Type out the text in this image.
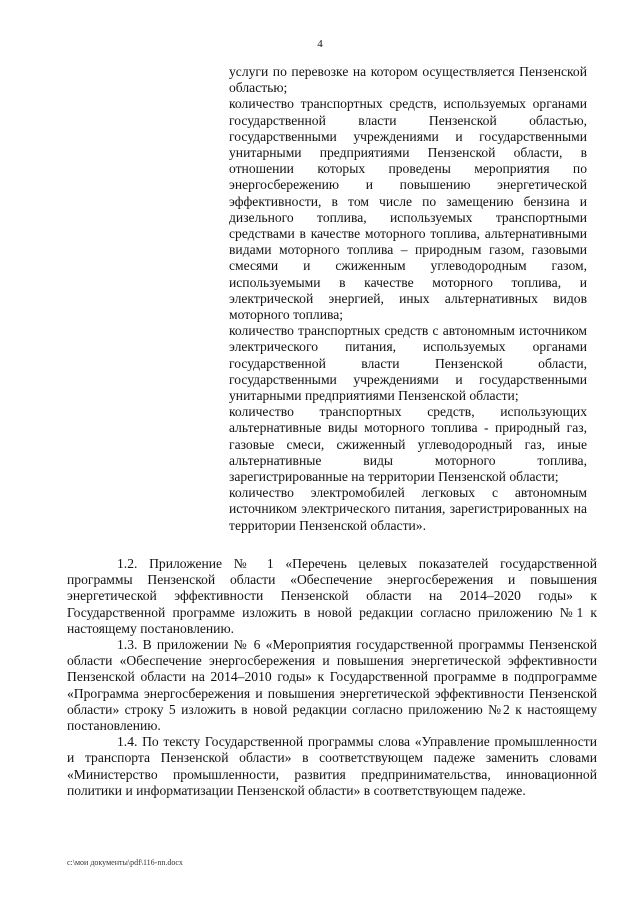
4

услуги по перевозке на котором осуществляется Пензенской областью;

количество транспортных средств, используемых органами государственной власти Пензенской областью, государственными учреждениями и государственными унитарными предприятиями Пензенской области, в отношении которых проведены мероприятия по энергосбережению и повышению энергетической эффективности, в том числе по замещению бензина и дизельного топлива, используемых транспортными средствами в качестве моторного топлива, альтернативными видами моторного топлива – природным газом, газовыми смесями и сжиженным углеводородным газом, используемыми в качестве моторного топлива, и электрической энергией, иных альтернативных видов моторного топлива;

количество транспортных средств с автономным источником электрического питания, используемых органами государственной власти Пензенской области, государственными учреждениями и государственными унитарными предприятиями Пензенской области;

количество транспортных средств, использующих альтернативные виды моторного топлива - природный газ, газовые смеси, сжиженный углеводородный газ, иные альтернативные виды моторного топлива, зарегистрированные на территории Пензенской области;

количество электромобилей легковых с автономным источником электрического питания, зарегистрированных на территории Пензенской области».

1.2. Приложение № 1 «Перечень целевых показателей государственной программы Пензенской области «Обеспечение энергосбережения и повышения энергетической эффективности Пензенской области на 2014–2020 годы» к Государственной программе изложить в новой редакции согласно приложению №1 к настоящему постановлению.

1.3. В приложении № 6 «Мероприятия государственной программы Пензенской области «Обеспечение энергосбережения и повышения энергетической эффективности Пензенской области на 2014–2010 годы» к Государственной программе в подпрограмме «Программа энергосбережения и повышения энергетической эффективности Пензенской области» строку 5 изложить в новой редакции согласно приложению №2 к настоящему постановлению.

1.4. По тексту Государственной программы слова «Управление промышленности и транспорта Пензенской области» в соответствующем падеже заменить словами «Министерство промышленности, развития предпринимательства, инновационной политики и информатизации Пензенской области» в соответствующем падеже.

c:\мои документы\pdf\116-nn.docx
